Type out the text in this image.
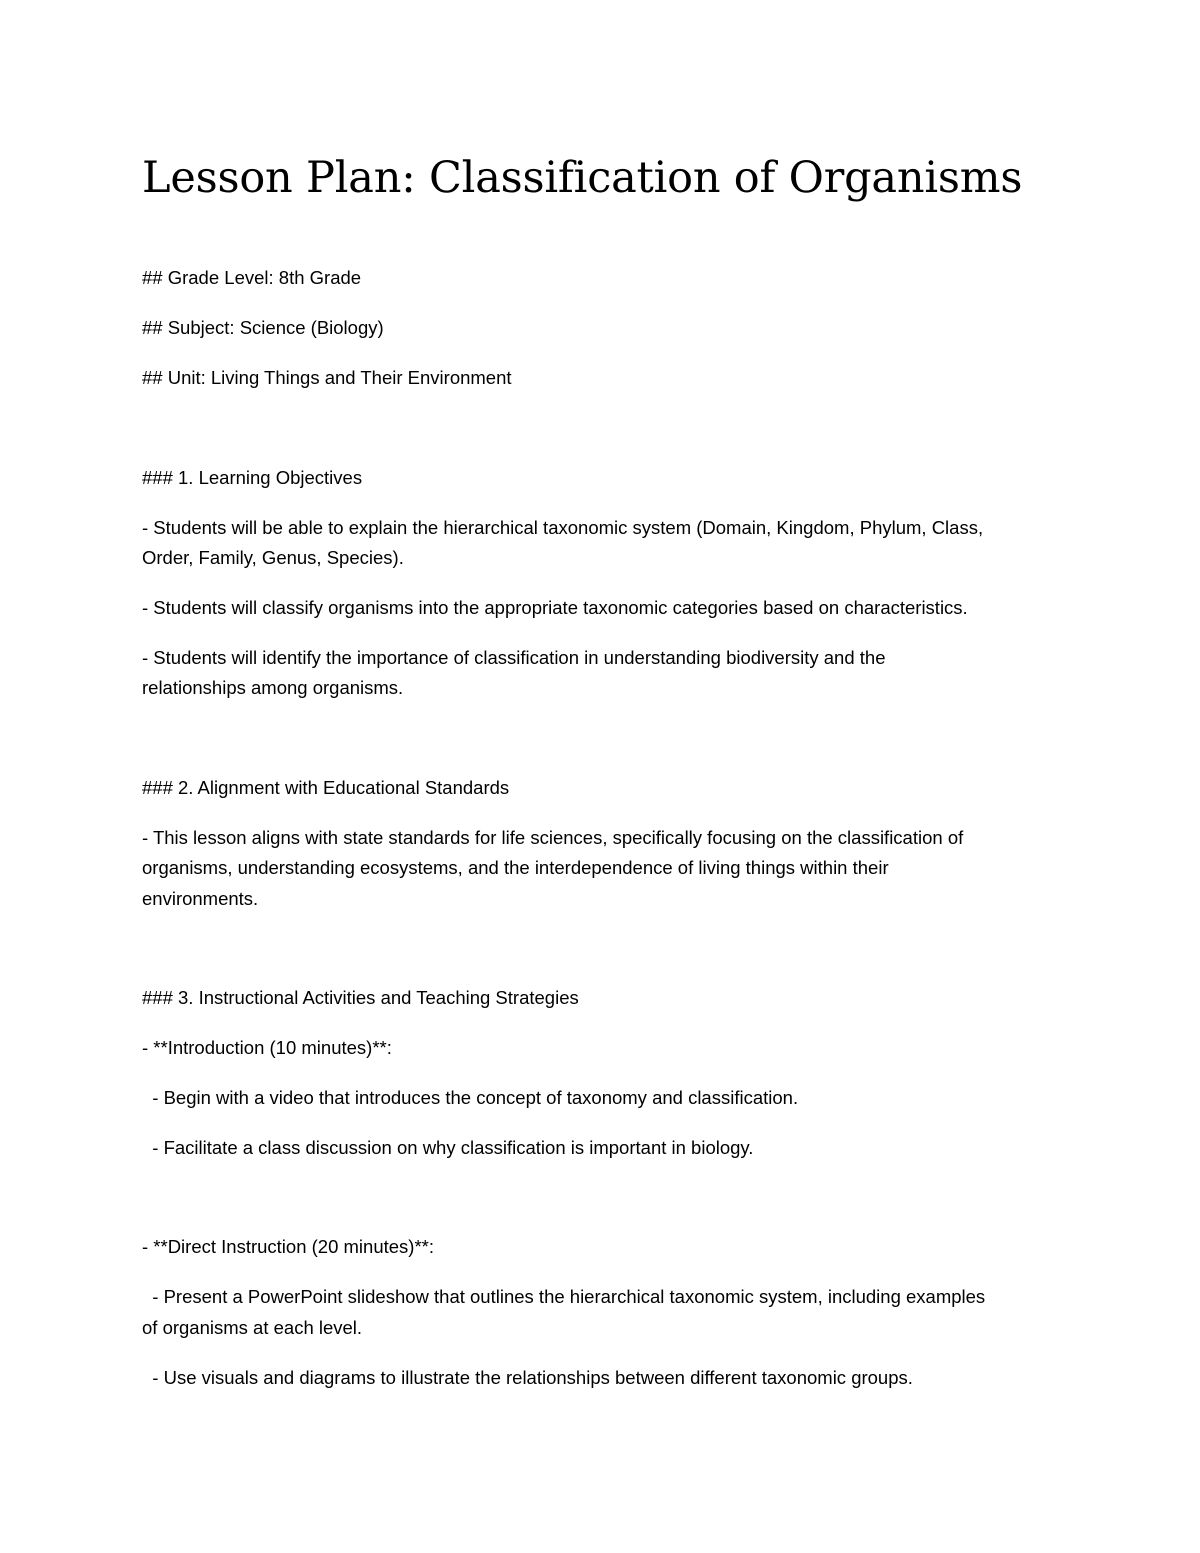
Lesson Plan: Classification of Organisms

## Grade Level: 8th Grade

## Subject: Science (Biology)

## Unit: Living Things and Their Environment

### 1. Learning Objectives

- Students will be able to explain the hierarchical taxonomic system (Domain, Kingdom, Phylum, Class,

Order, Family, Genus, Species).

- Students will classify organisms into the appropriate taxonomic categories based on characteristics.

- Students will identify the importance of classification in understanding biodiversity and the

relationships among organisms.

### 2. Alignment with Educational Standards

- This lesson aligns with state standards for life sciences, specifically focusing on the classification of

organisms, understanding ecosystems, and the interdependence of living things within their

environments.

### 3. Instructional Activities and Teaching Strategies

- **Introduction (10 minutes)**:

- Begin with a video that introduces the concept of taxonomy and classification.

- Facilitate a class discussion on why classification is important in biology.

- **Direct Instruction (20 minutes)**:

- Present a PowerPoint slideshow that outlines the hierarchical taxonomic system, including examples

of organisms at each level.

- Use visuals and diagrams to illustrate the relationships between different taxonomic groups.
